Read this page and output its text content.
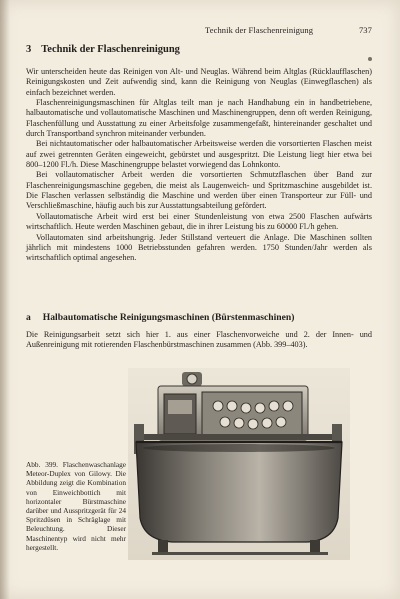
Technik der Flaschenreinigung	737
3 Technik der Flaschenreinigung

Wir unterscheiden heute das Reinigen von Alt- und Neuglas. Während beim Altglas (Rücklaufflaschen) Reinigungskosten und Zeit aufwendig sind, kann die Reinigung von Neuglas (Einwegflaschen) als einfach bezeichnet werden.

Flaschenreinigungsmaschinen für Altglas teilt man je nach Handhabung ein in handbetriebene, halbautomatische und vollautomatische Maschinen und Maschinengruppen, denn oft werden Reinigung, Flaschenfüllung und Ausstattung zu einer Arbeitsfolge zusammengefaßt, hintereinander geschaltet und durch Transportband synchron miteinander verbunden.

Bei nichtautomatischer oder halbautomatischer Arbeitsweise werden die vorsortierten Flaschen meist auf zwei getrennten Geräten eingeweicht, gebürstet und ausgespritzt. Die Leistung liegt hier etwa bei 800–1200 Fl./h. Diese Maschinengruppe belastet vorwiegend das Lohnkonto.

Bei vollautomatischer Arbeit werden die vorsortierten Schmutzflaschen über Band zur Flaschenreinigungsmaschine gegeben, die meist als Laugenweich- und Spritzmaschine ausgebildet ist. Die Flaschen verlassen selbständig die Maschine und werden über einen Transporteur zur Füll- und Verschließmaschine, häufig auch bis zur Ausstattungsabteilung gefördert.

Vollautomatische Arbeit wird erst bei einer Stundenleistung von etwa 2500 Flaschen aufwärts wirtschaftlich. Heute werden Maschinen gebaut, die in ihrer Leistung bis zu 60000 Fl./h gehen.

Vollautomaten sind arbeitshungrig. Jeder Stillstand verteuert die Anlage. Die Maschinen sollten jährlich mit mindestens 1000 Betriebsstunden gefahren werden. 1750 Stunden/Jahr werden als wirtschaftlich optimal angesehen.

a Halbautomatische Reinigungsmaschinen (Bürstenmaschinen)

Die Reinigungsarbeit setzt sich hier 1. aus einer Flaschenvorweiche und 2. der Innen- und Außenreinigung mit rotierenden Flaschenbürstmaschinen zusammen (Abb. 399–403).

Abb. 399. Flaschenwaschanlage Meteor-Duplex von Gilowy. Die Abbildung zeigt die Kombination von Einweichbottich mit horizontaler Bürstmaschine darüber und Ausspritzgerät für 24 Spritzdüsen in Schräglage mit Beleuchtung. Dieser Maschinentyp wird nicht mehr hergestellt.
